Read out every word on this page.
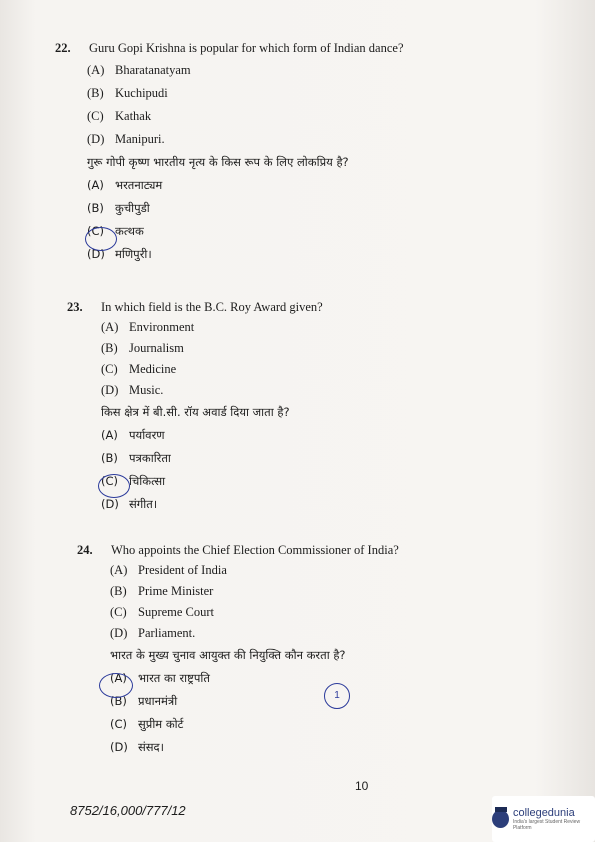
22. Guru Gopi Krishna is popular for which form of Indian dance?
(A) Bharatanatyam
(B) Kuchipudi
(C) Kathak
(D) Manipuri.
गुरू गोपी कृष्ण भारतीय नृत्य के किस रूप के लिए लोकप्रिय है?
(A) भरतनाट्यम
(B) कुचीपुडी
(C) कत्थक
(D) मणिपुरी।
23. In which field is the B.C. Roy Award given?
(A) Environment
(B) Journalism
(C) Medicine
(D) Music.
किस क्षेत्र में बी.सी. रॉय अवार्ड दिया जाता है?
(A) पर्यावरण
(B) पत्रकारिता
(C) चिकित्सा
(D) संगीत।
24. Who appoints the Chief Election Commissioner of India?
(A) President of India
(B) Prime Minister
(C) Supreme Court
(D) Parliament.
भारत के मुख्य चुनाव आयुक्त की नियुक्ति कौन करता है?
(A) भारत का राष्ट्रपति
(B) प्रधानमंत्री
(C) सुप्रीम कोर्ट
(D) संसद।
1
10
8752/16,000/777/12	collegedunia
India's largest Student Review Platform
